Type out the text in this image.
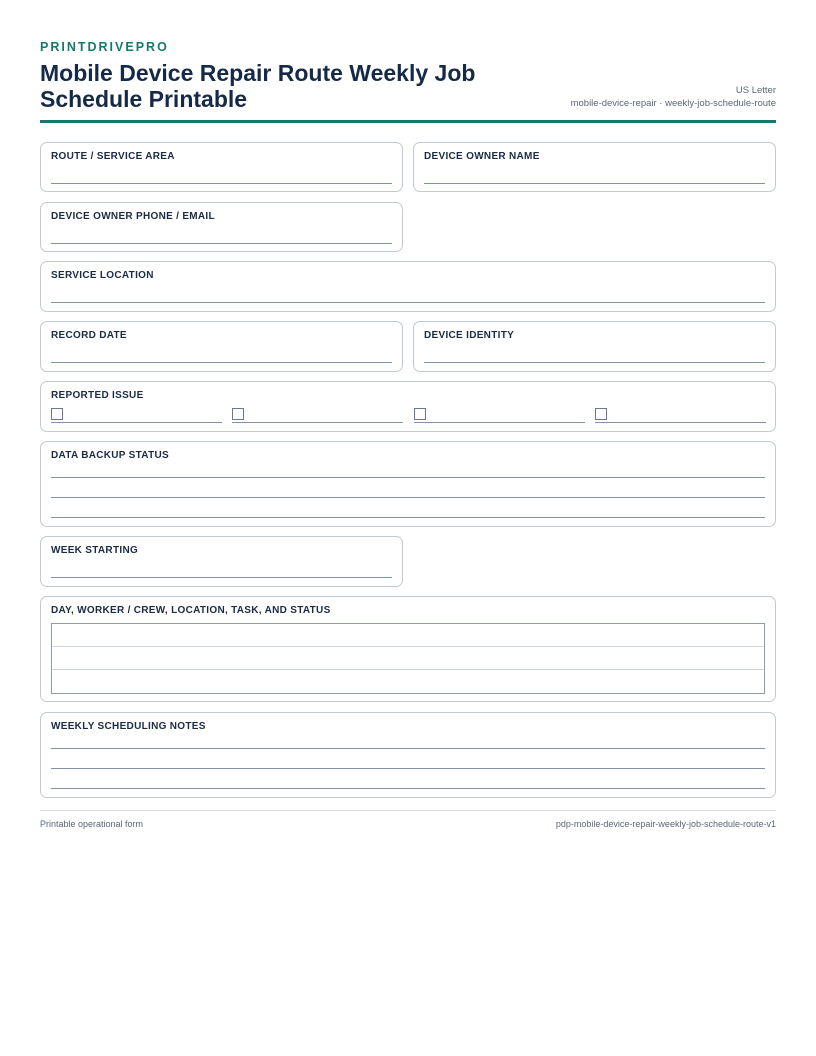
PRINTDRIVEPRO

Mobile Device Repair Route Weekly Job Schedule Printable	US Letter
mobile-device-repair · weekly-job-schedule-route
ROUTE / SERVICE AREA	DEVICE OWNER NAME
DEVICE OWNER PHONE / EMAIL
SERVICE LOCATION
RECORD DATE	DEVICE IDENTITY
REPORTED ISSUE
DATA BACKUP STATUS
WEEK STARTING
DAY, WORKER / CREW, LOCATION, TASK, AND STATUS
WEEKLY SCHEDULING NOTES
Printable operational form	pdp-mobile-device-repair-weekly-job-schedule-route-v1
